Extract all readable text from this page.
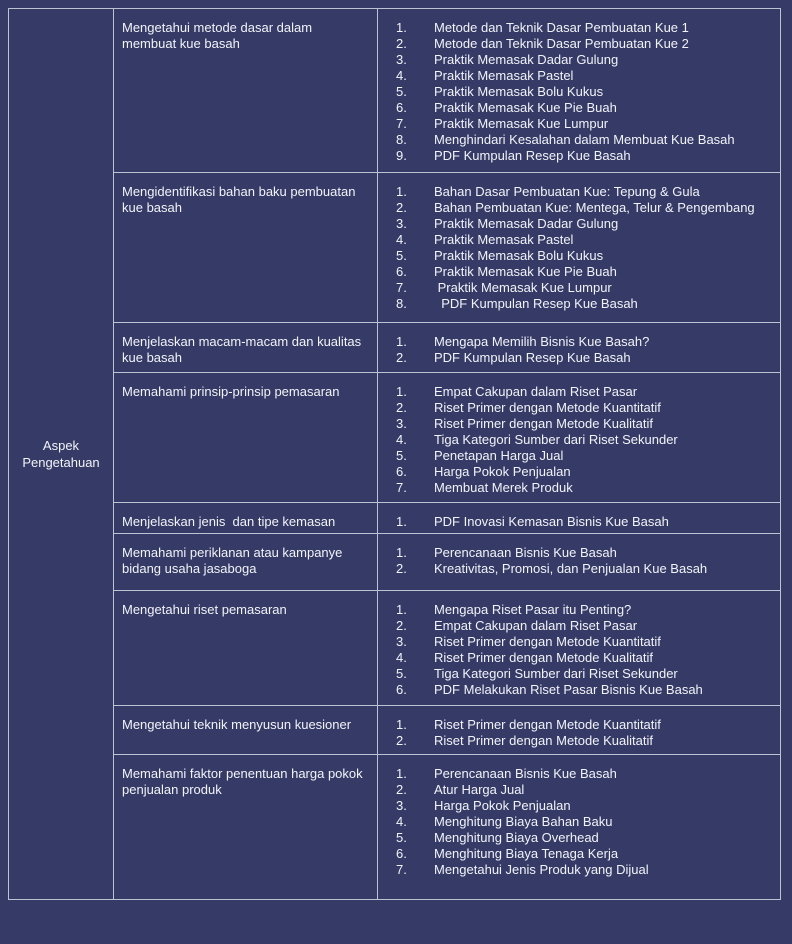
Aspek Pengetahuan
Mengetahui metode dasar dalam membuat kue basah
1.	Metode dan Teknik Dasar Pembuatan Kue 1
2.	Metode dan Teknik Dasar Pembuatan Kue 2
3.	Praktik Memasak Dadar Gulung
4.	Praktik Memasak Pastel
5.	Praktik Memasak Bolu Kukus
6.	Praktik Memasak Kue Pie Buah
7.	Praktik Memasak Kue Lumpur
8.	Menghindari Kesalahan dalam Membuat Kue Basah
9.	PDF Kumpulan Resep Kue Basah
Mengidentifikasi bahan baku pembuatan kue basah
1.	Bahan Dasar Pembuatan Kue: Tepung & Gula
2.	Bahan Pembuatan Kue: Mentega, Telur & Pengembang
3.	Praktik Memasak Dadar Gulung
4.	Praktik Memasak Pastel
5.	Praktik Memasak Bolu Kukus
6.	Praktik Memasak Kue Pie Buah
7.	Praktik Memasak Kue Lumpur
8.	PDF Kumpulan Resep Kue Basah
Menjelaskan macam-macam dan kualitas kue basah
1.	Mengapa Memilih Bisnis Kue Basah?
2.	PDF Kumpulan Resep Kue Basah
Memahami prinsip-prinsip pemasaran	1.	Empat Cakupan dalam Riset Pasar
2.	Riset Primer dengan Metode Kuantitatif
3.	Riset Primer dengan Metode Kualitatif
4.	Tiga Kategori Sumber dari Riset Sekunder
5.	Penetapan Harga Jual
6.	Harga Pokok Penjualan
7.	Membuat Merek Produk
Menjelaskan jenis  dan tipe kemasan	1.	PDF Inovasi Kemasan Bisnis Kue Basah
Memahami periklanan atau kampanye bidang usaha jasaboga
1.	Perencanaan Bisnis Kue Basah
2.	Kreativitas, Promosi, dan Penjualan Kue Basah
Mengetahui riset pemasaran	1.	Mengapa Riset Pasar itu Penting?
2.	Empat Cakupan dalam Riset Pasar
3.	Riset Primer dengan Metode Kuantitatif
4.	Riset Primer dengan Metode Kualitatif
5.	Tiga Kategori Sumber dari Riset Sekunder
6.	PDF Melakukan Riset Pasar Bisnis Kue Basah
Mengetahui teknik menyusun kuesioner	1.	Riset Primer dengan Metode Kuantitatif
2.	Riset Primer dengan Metode Kualitatif
Memahami faktor penentuan harga pokok penjualan produk
1.	Perencanaan Bisnis Kue Basah
2.	Atur Harga Jual
3.	Harga Pokok Penjualan
4.	Menghitung Biaya Bahan Baku
5.	Menghitung Biaya Overhead
6.	Menghitung Biaya Tenaga Kerja
7.	Mengetahui Jenis Produk yang Dijual
